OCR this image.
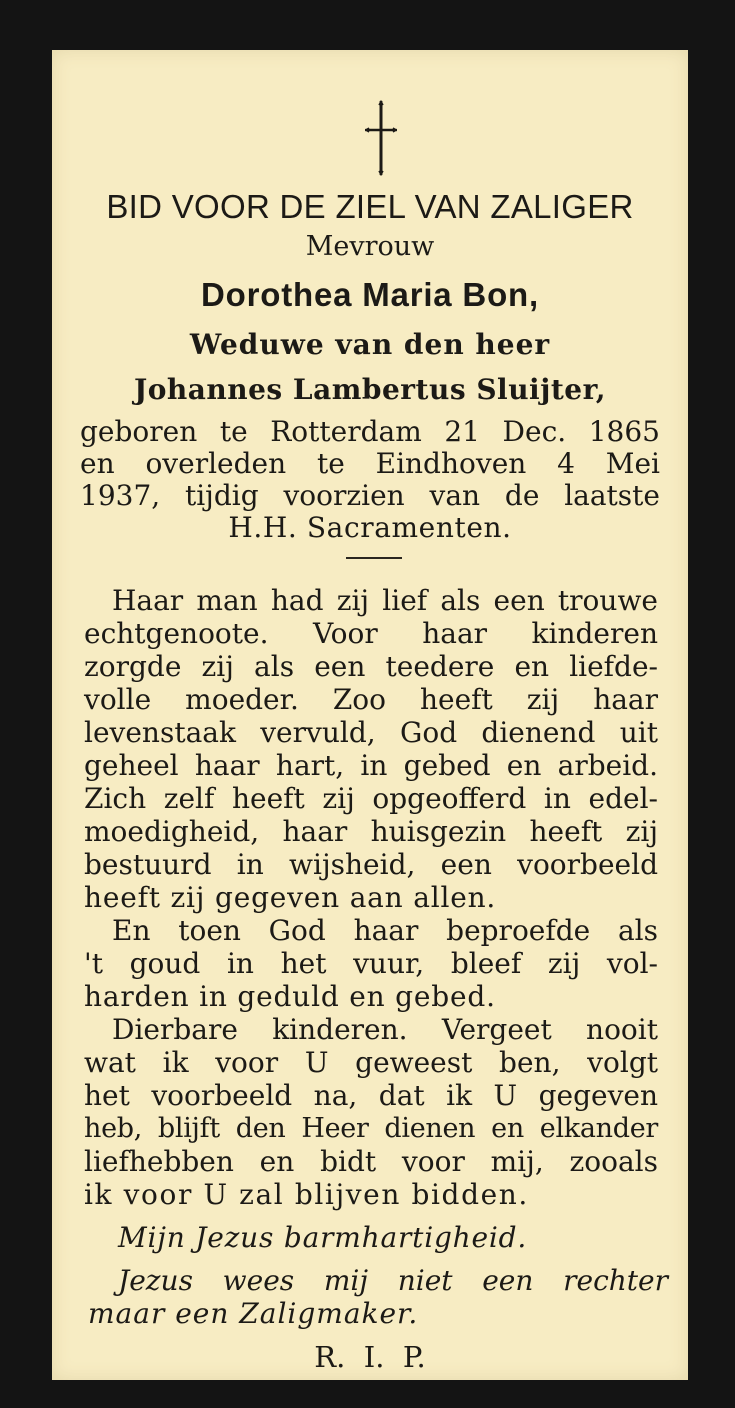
BID VOOR DE ZIEL VAN ZALIGER

Mevrouw

Dorothea Maria Bon,

Weduwe van den heer

Johannes Lambertus Sluijter,

geboren te Rotterdam 21 Dec. 1865

en overleden te Eindhoven 4 Mei

1937, tijdig voorzien van de laatste

H.H. Sacramenten.

Haar man had zij lief als een trouwe

echtgenoote. Voor haar kinderen

zorgde zij als een teedere en liefde-

volle moeder. Zoo heeft zij haar

levenstaak vervuld, God dienend uit

geheel haar hart, in gebed en arbeid.

Zich zelf heeft zij opgeofferd in edel-

moedigheid, haar huisgezin heeft zij

bestuurd in wijsheid, een voorbeeld

heeft zij gegeven aan allen.

En toen God haar beproefde als

't goud in het vuur, bleef zij vol-

harden in geduld en gebed.

Dierbare kinderen. Vergeet nooit

wat ik voor U geweest ben, volgt

het voorbeeld na, dat ik U gegeven

heb, blijft den Heer dienen en elkander

liefhebben en bidt voor mij, zooals

ik voor U zal blijven bidden.

Mijn Jezus barmhartigheid.

Jezus wees mij niet een rechter

maar een Zaligmaker.

R.  I.  P.
